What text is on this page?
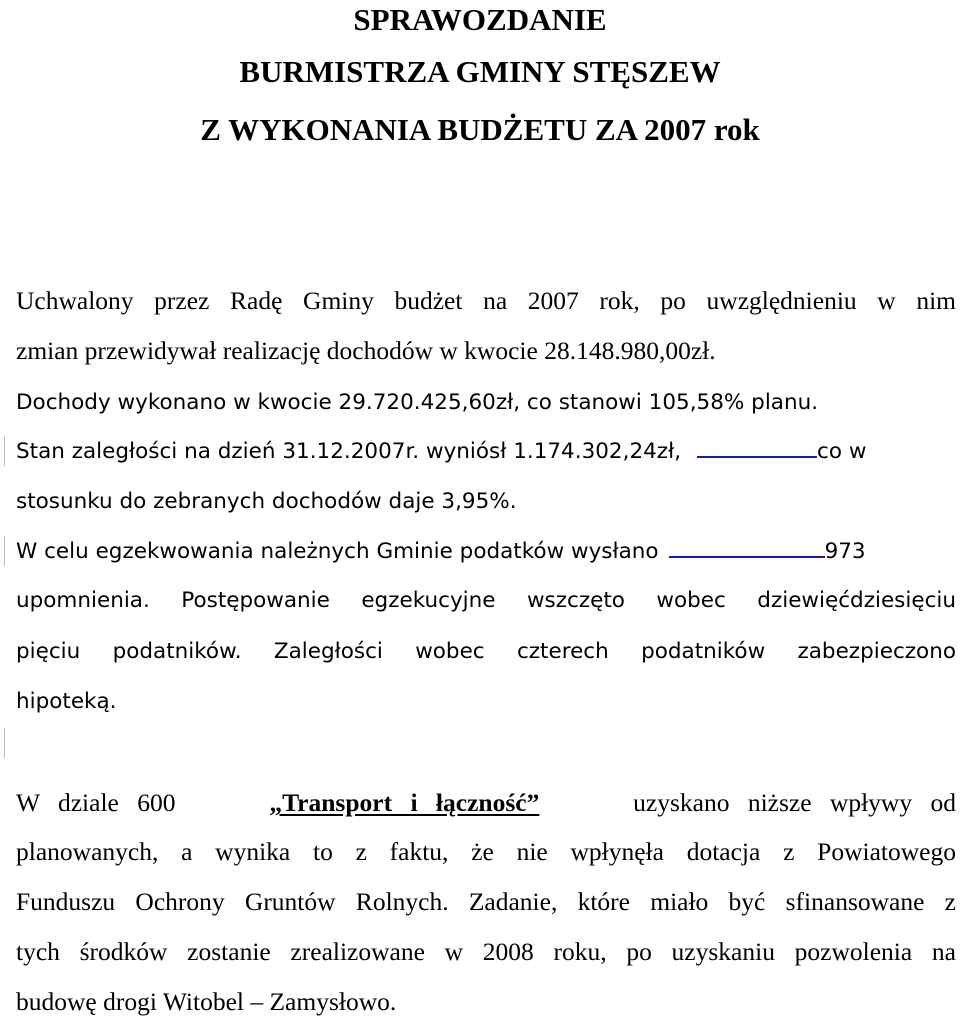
SPRAWOZDANIE
BURMISTRZA GMINY STĘSZEW
Z WYKONANIA BUDŻETU ZA 2007 rok
Uchwalony przez Radę Gminy budżet na 2007 rok, po uwzględnieniu w nim
zmian przewidywał realizację dochodów w kwocie 28.148.980,00zł.
Dochody wykonano w kwocie 29.720.425,60zł, co stanowi 105,58% planu.
Stan zaległości na dzień 31.12.2007r. wyniósł 1.174.302,24zł,	co w
stosunku do zebranych dochodów daje 3,95%.
W celu egzekwowania należnych Gminie podatków wysłano	973
upomnienia. Postępowanie egzekucyjne wszczęto wobec dziewięćdziesięciu
pięciu podatników. Zaległości wobec czterech podatników zabezpieczono
hipoteką.
W dziale 600	„Transport i łączność”	uzyskano niższe wpływy od
planowanych, a wynika to z faktu, że nie wpłynęła dotacja z Powiatowego
Funduszu Ochrony Gruntów Rolnych. Zadanie, które miało być sfinansowane z
tych środków zostanie zrealizowane w 2008 roku, po uzyskaniu pozwolenia na
budowę drogi Witobel – Zamysłowo.
